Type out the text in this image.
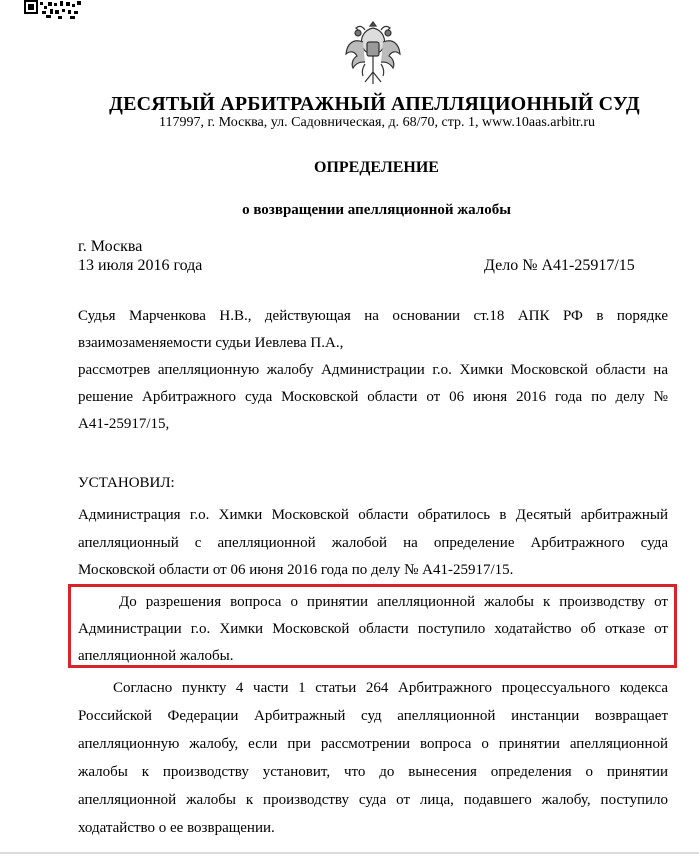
ДЕСЯТЫЙ АРБИТРАЖНЫЙ АПЕЛЛЯЦИОННЫЙ СУД
117997, г. Москва, ул. Садовническая, д. 68/70, стр. 1, www.10aas.arbitr.ru
ОПРЕДЕЛЕНИЕ
о возвращении апелляционной жалобы
г. Москва
13 июля 2016 года	Дело № А41-25917/15
Судья Марченкова Н.В., действующая на основании ст.18 АПК РФ в порядке
взаимозаменяемости судьи Иевлева П.А.,
рассмотрев апелляционную жалобу Администрации г.о. Химки Московской области на
решение Арбитражного суда Московской области от 06 июня 2016 года по делу №
А41-25917/15,
УСТАНОВИЛ:
Администрация г.о. Химки Московской области обратилось в Десятый арбитражный
апелляционный с апелляционной жалобой на определение Арбитражного суда
Московской области от 06 июня 2016 года по делу № А41-25917/15.
До разрешения вопроса о принятии апелляционной жалобы к производству от
Администрации г.о. Химки Московской области поступило ходатайство об отказе от
апелляционной жалобы.
Согласно пункту 4 части 1 статьи 264 Арбитражного процессуального кодекса
Российской Федерации Арбитражный суд апелляционной инстанции возвращает
апелляционную жалобу, если при рассмотрении вопроса о принятии апелляционной
жалобы к производству установит, что до вынесения определения о принятии
апелляционной жалобы к производству суда от лица, подавшего жалобу, поступило
ходатайство о ее возвращении.
